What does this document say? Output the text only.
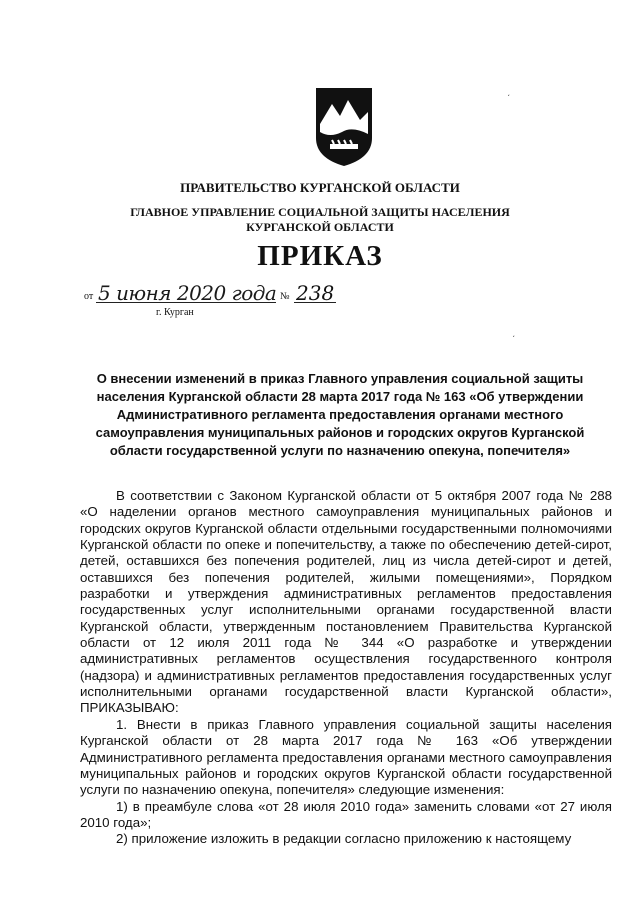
ПРАВИТЕЛЬСТВО КУРГАНСКОЙ ОБЛАСТИ
ГЛАВНОЕ УПРАВЛЕНИЕ СОЦИАЛЬНОЙ ЗАЩИТЫ НАСЕЛЕНИЯ
КУРГАНСКОЙ ОБЛАСТИ
ПРИКАЗ
от 5 июня 2020 года № 238
г. Курган
О внесении изменений в приказ Главного управления социальной защиты населения Курганской области 28 марта 2017 года № 163 «Об утверждении Административного регламента предоставления органами местного самоуправления муниципальных районов и городских округов Курганской области государственной услуги по назначению опекуна, попечителя»

В соответствии с Законом Курганской области от 5 октября 2007 года № 288 «О наделении органов местного самоуправления муниципальных районов и городских округов Курганской области отдельными государственными полномочиями Курганской области по опеке и попечительству, а также по обеспечению детей-сирот, детей, оставшихся без попечения родителей, лиц из числа детей-сирот и детей, оставшихся без попечения родителей, жилыми помещениями», Порядком разработки и утверждения административных регламентов предоставления государственных услуг исполнительными органами государственной власти Курганской области, утвержденным постановлением Правительства Курганской области от 12 июля 2011 года № 344 «О разработке и утверждении административных регламентов осуществления государственного контроля (надзора) и административных регламентов предоставления государственных услуг исполнительными органами государственной власти Курганской области», ПРИКАЗЫВАЮ:

1. Внести в приказ Главного управления социальной защиты населения Курганской области от 28 марта 2017 года № 163 «Об утверждении Административного регламента предоставления органами местного самоуправления муниципальных районов и городских округов Курганской области государственной услуги по назначению опекуна, попечителя» следующие изменения:

1) в преамбуле слова «от 28 июля 2010 года» заменить словами «от 27 июля 2010 года»;

2) приложение изложить в редакции согласно приложению к настоящему

ˏ
ˏ
